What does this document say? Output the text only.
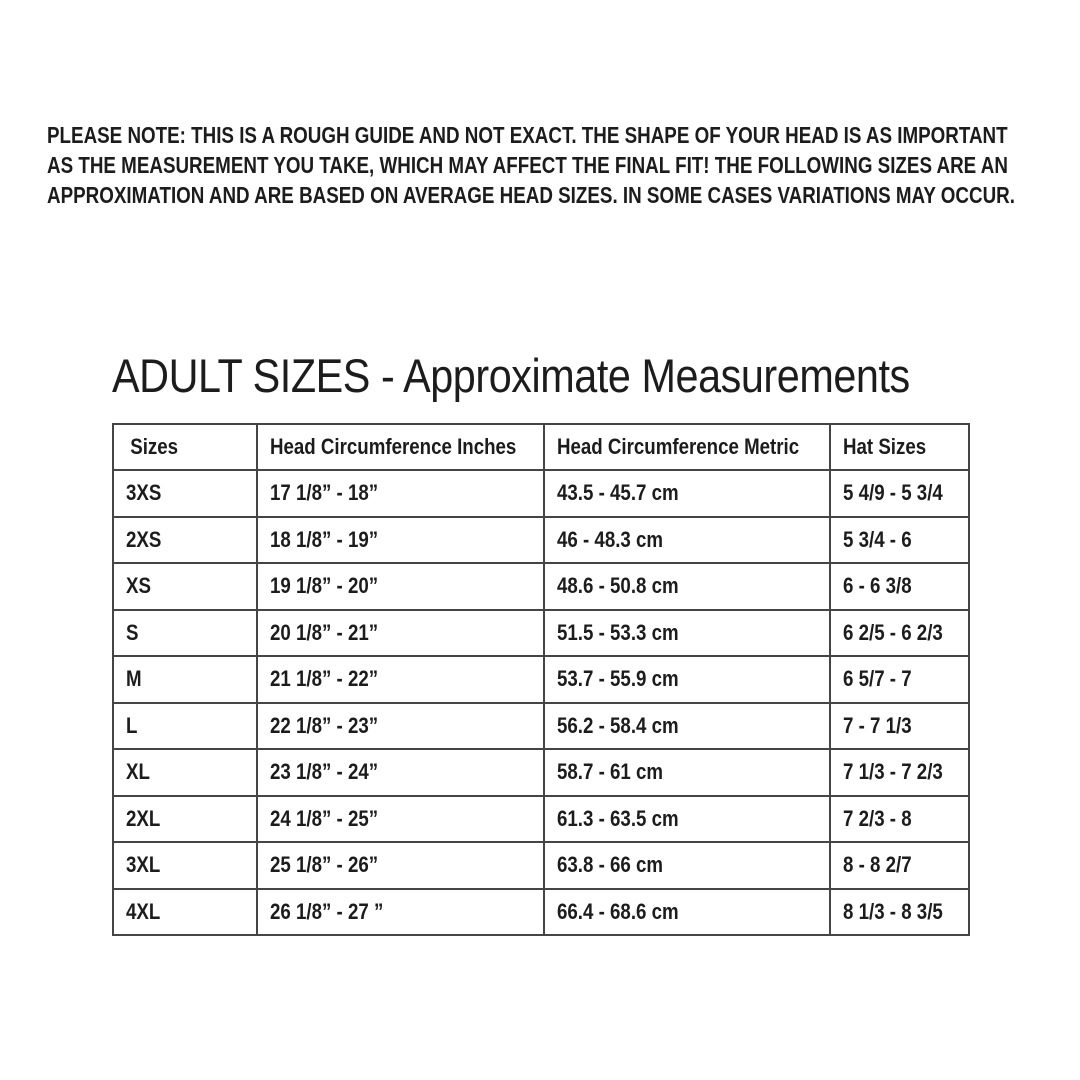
PLEASE NOTE: THIS IS A ROUGH GUIDE AND NOT EXACT. THE SHAPE OF YOUR HEAD IS AS IMPORTANT
AS THE MEASUREMENT YOU TAKE, WHICH MAY AFFECT THE FINAL FIT! THE FOLLOWING SIZES ARE AN
APPROXIMATION AND ARE BASED ON AVERAGE HEAD SIZES. IN SOME CASES VARIATIONS MAY OCCUR.
ADULT SIZES - Approximate Measurements
Sizes	Head Circumference Inches	Head Circumference Metric	Hat Sizes
3XS	17 1/8” - 18”	43.5 - 45.7 cm	5 4/9 - 5 3/4
2XS	18 1/8” - 19”	46 - 48.3 cm	5 3/4 - 6
XS	19 1/8” - 20”	48.6 - 50.8 cm	6 - 6 3/8
S	20 1/8” - 21”	51.5 - 53.3 cm	6 2/5 - 6 2/3
M	21 1/8” - 22”	53.7 - 55.9 cm	6 5/7 - 7
L	22 1/8” - 23”	56.2 - 58.4 cm	7 - 7 1/3
XL	23 1/8” - 24”	58.7 - 61 cm	7 1/3 - 7 2/3
2XL	24 1/8” - 25”	61.3 - 63.5 cm	7 2/3 - 8
3XL	25 1/8” - 26”	63.8 - 66 cm	8 - 8 2/7
4XL	26 1/8” - 27 ”	66.4 - 68.6 cm	8 1/3 - 8 3/5
